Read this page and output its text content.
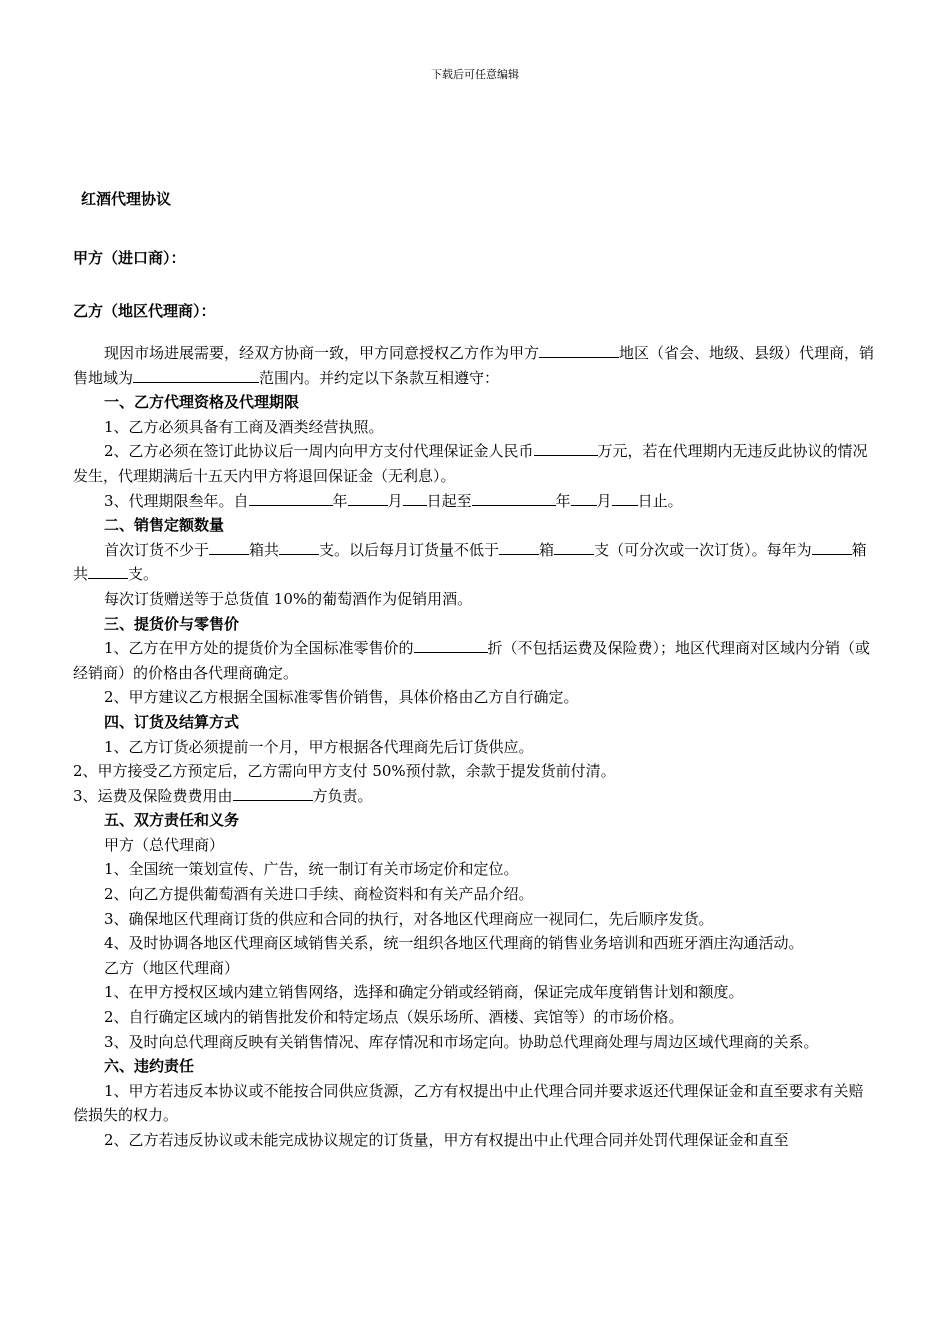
下载后可任意编辑
红酒代理协议
甲方（进口商）：
乙方（地区代理商）：

现因市场进展需要，经双方协商一致，甲方同意授权乙方作为甲方	地区（省会、地级、县级）代理商，销售地域为	范围内。并约定以下条款互相遵守：

一、乙方代理资格及代理期限

1、乙方必须具备有工商及酒类经营执照。

2、乙方必须在签订此协议后一周内向甲方支付代理保证金人民币	万元，若在代理期内无违反此协议的情况发生，代理期满后十五天内甲方将退回保证金（无利息）。

3、代理期限叁年。自	年	月 日起至	年 月 日止。

二、销售定额数量

首次订货不少于	箱共	支。以后每月订货量不低于	箱	支（可分次或一次订货）。每年为	箱共	支。

每次订货赠送等于总货值 10%的葡萄酒作为促销用酒。

三、提货价与零售价

1、乙方在甲方处的提货价为全国标准零售价的	折（不包括运费及保险费）；地区代理商对区域内分销（或经销商）的价格由各代理商确定。

2、甲方建议乙方根据全国标准零售价销售，具体价格由乙方自行确定。

四、订货及结算方式

1、乙方订货必须提前一个月，甲方根据各代理商先后订货供应。

2、甲方接受乙方预定后，乙方需向甲方支付 50%预付款，余款于提发货前付清。

3、运费及保险费费用由	方负责。

五、双方责任和义务

甲方（总代理商）

1、全国统一策划宣传、广告，统一制订有关市场定价和定位。

2、向乙方提供葡萄酒有关进口手续、商检资料和有关产品介绍。

3、确保地区代理商订货的供应和合同的执行，对各地区代理商应一视同仁，先后顺序发货。

4、及时协调各地区代理商区域销售关系，统一组织各地区代理商的销售业务培训和西班牙酒庄沟通活动。

乙方（地区代理商）

1、在甲方授权区域内建立销售网络，选择和确定分销或经销商，保证完成年度销售计划和额度。

2、自行确定区域内的销售批发价和特定场点（娱乐场所、酒楼、宾馆等）的市场价格。

3、及时向总代理商反映有关销售情况、库存情况和市场定向。协助总代理商处理与周边区域代理商的关系。

六、违约责任

1、甲方若违反本协议或不能按合同供应货源，乙方有权提出中止代理合同并要求返还代理保证金和直至要求有关赔偿损失的权力。

2、乙方若违反协议或未能完成协议规定的订货量，甲方有权提出中止代理合同并处罚代理保证金和直至
